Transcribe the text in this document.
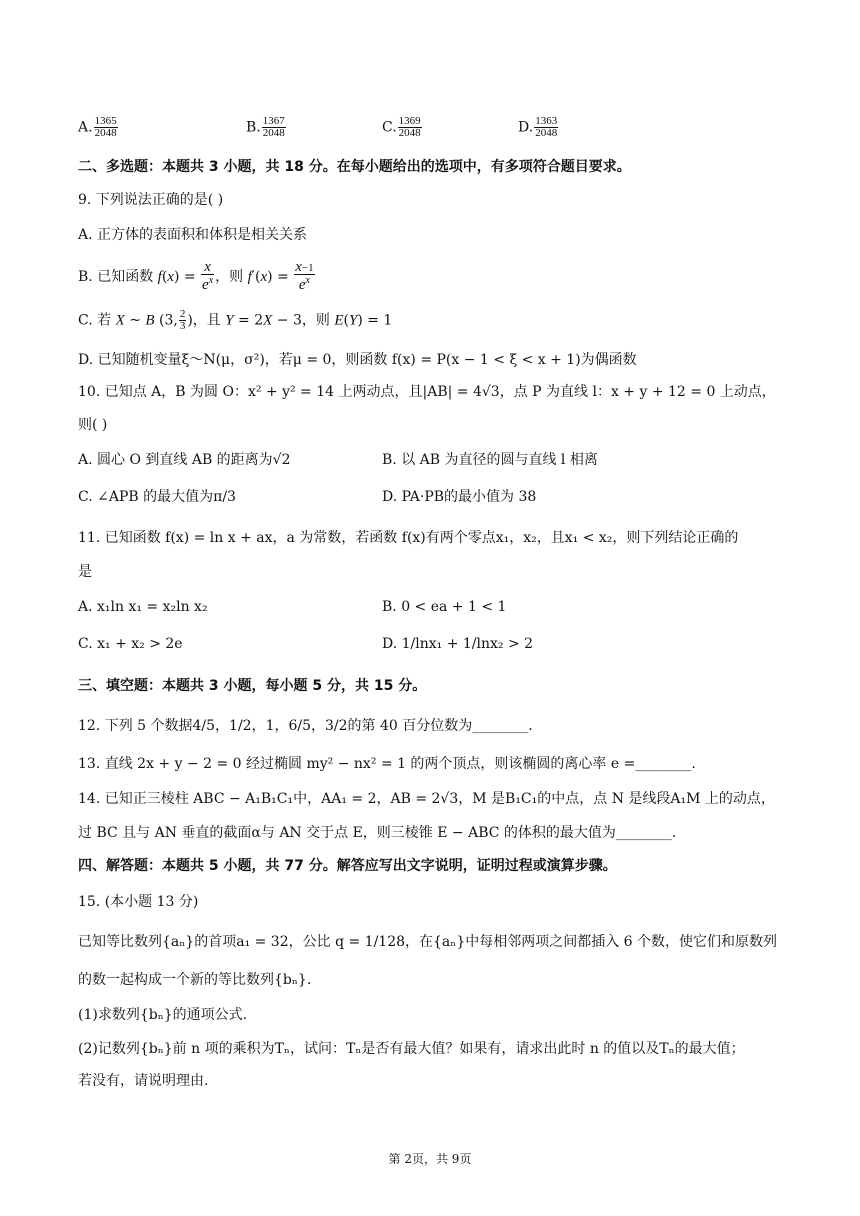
A. $\frac{1365}{2048}$	B. $\frac{1367}{2048}$	C. $\frac{1369}{2048}$	D. $\frac{1363}{2048}$
二、多选题：本题共 3 小题，共 18 分。在每小题给出的选项中，有多项符合题目要求。
9. 下列说法正确的是( )
A. 正方体的表面积和体积是相关关系
B. 已知函数 $f(x) = \frac{x}{e^x}$ ，则 $f'(x) = \frac{x-1}{e^x}$
C. 若 X ~ B (3, $\frac{2}{3}$ )，且 Y = 2X − 3，则 E(Y) = 1
D. 已知随机变量ξ～N(μ，σ²)，若μ = 0，则函数 f(x) = P(x − 1 < ξ < x + 1)为偶函数
10. 已知点 A，B 为圆 O：x² + y² = 14 上两动点，且|AB| = 4√3，点 P 为直线 l：x + y + 12 = 0 上动点，
则( )
A. 圆心 O 到直线 AB 的距离为√2	B. 以 AB 为直径的圆与直线 l 相离
C. ∠APB 的最大值为π/3	D. PA·PB的最小值为 38
11. 已知函数 f(x) = ln x + ax，a 为常数，若函数 f(x)有两个零点x₁，x₂，且x₁ < x₂，则下列结论正确的
是
A. x₁ln x₁ = x₂ln x₂	B. 0 < ea + 1 < 1
C. x₁ + x₂ > 2e	D. 1/lnx₁ + 1/lnx₂ > 2
三、填空题：本题共 3 小题，每小题 5 分，共 15 分。
12. 下列 5 个数据4/5，1/2，1，6/5，3/2的第 40 百分位数为________.
13. 直线 2x + y − 2 = 0 经过椭圆 my² − nx² = 1 的两个顶点，则该椭圆的离心率 e =________.
14. 已知正三棱柱 ABC − A₁B₁C₁中，AA₁ = 2，AB = 2√3，M 是B₁C₁的中点，点 N 是线段A₁M 上的动点，
过 BC 且与 AN 垂直的截面α与 AN 交于点 E，则三棱锥 E − ABC 的体积的最大值为________.
四、解答题：本题共 5 小题，共 77 分。解答应写出文字说明，证明过程或演算步骤。
15. (本小题 13 分)
已知等比数列{aₙ}的首项a₁ = 32，公比 q = 1/128，在{aₙ}中每相邻两项之间都插入 6 个数，使它们和原数列
的数一起构成一个新的等比数列{bₙ}.
(1)求数列{bₙ}的通项公式.
(2)记数列{bₙ}前 n 项的乘积为Tₙ，试问：Tₙ是否有最大值？如果有，请求出此时 n 的值以及Tₙ的最大值；
若没有，请说明理由.
第 2页，共 9页
